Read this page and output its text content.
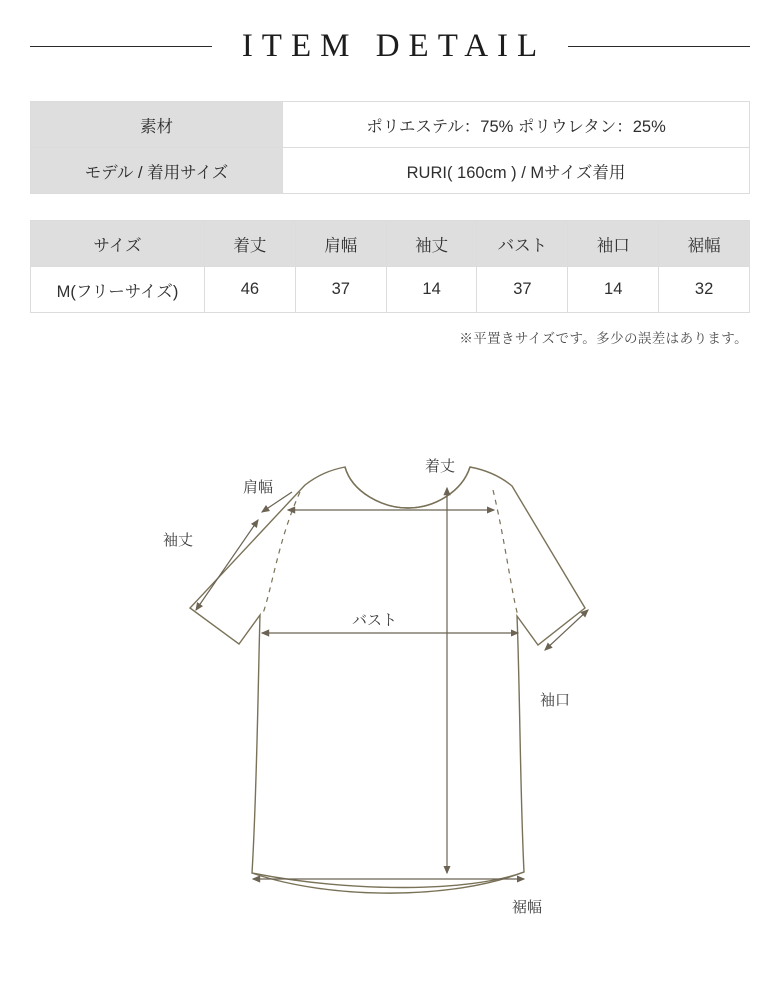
ITEM DETAIL
素材	ポリエステル：75% ポリウレタン：25%
モデル / 着用サイズ	RURI( 160cm ) / Mサイズ着用
サイズ	着丈	肩幅	袖丈	バスト	袖口	裾幅
M(フリーサイズ)	46	37	14	37	14	32
※平置きサイズです。多少の誤差はあります。
肩幅
着丈
袖丈
バスト
袖口
裾幅
